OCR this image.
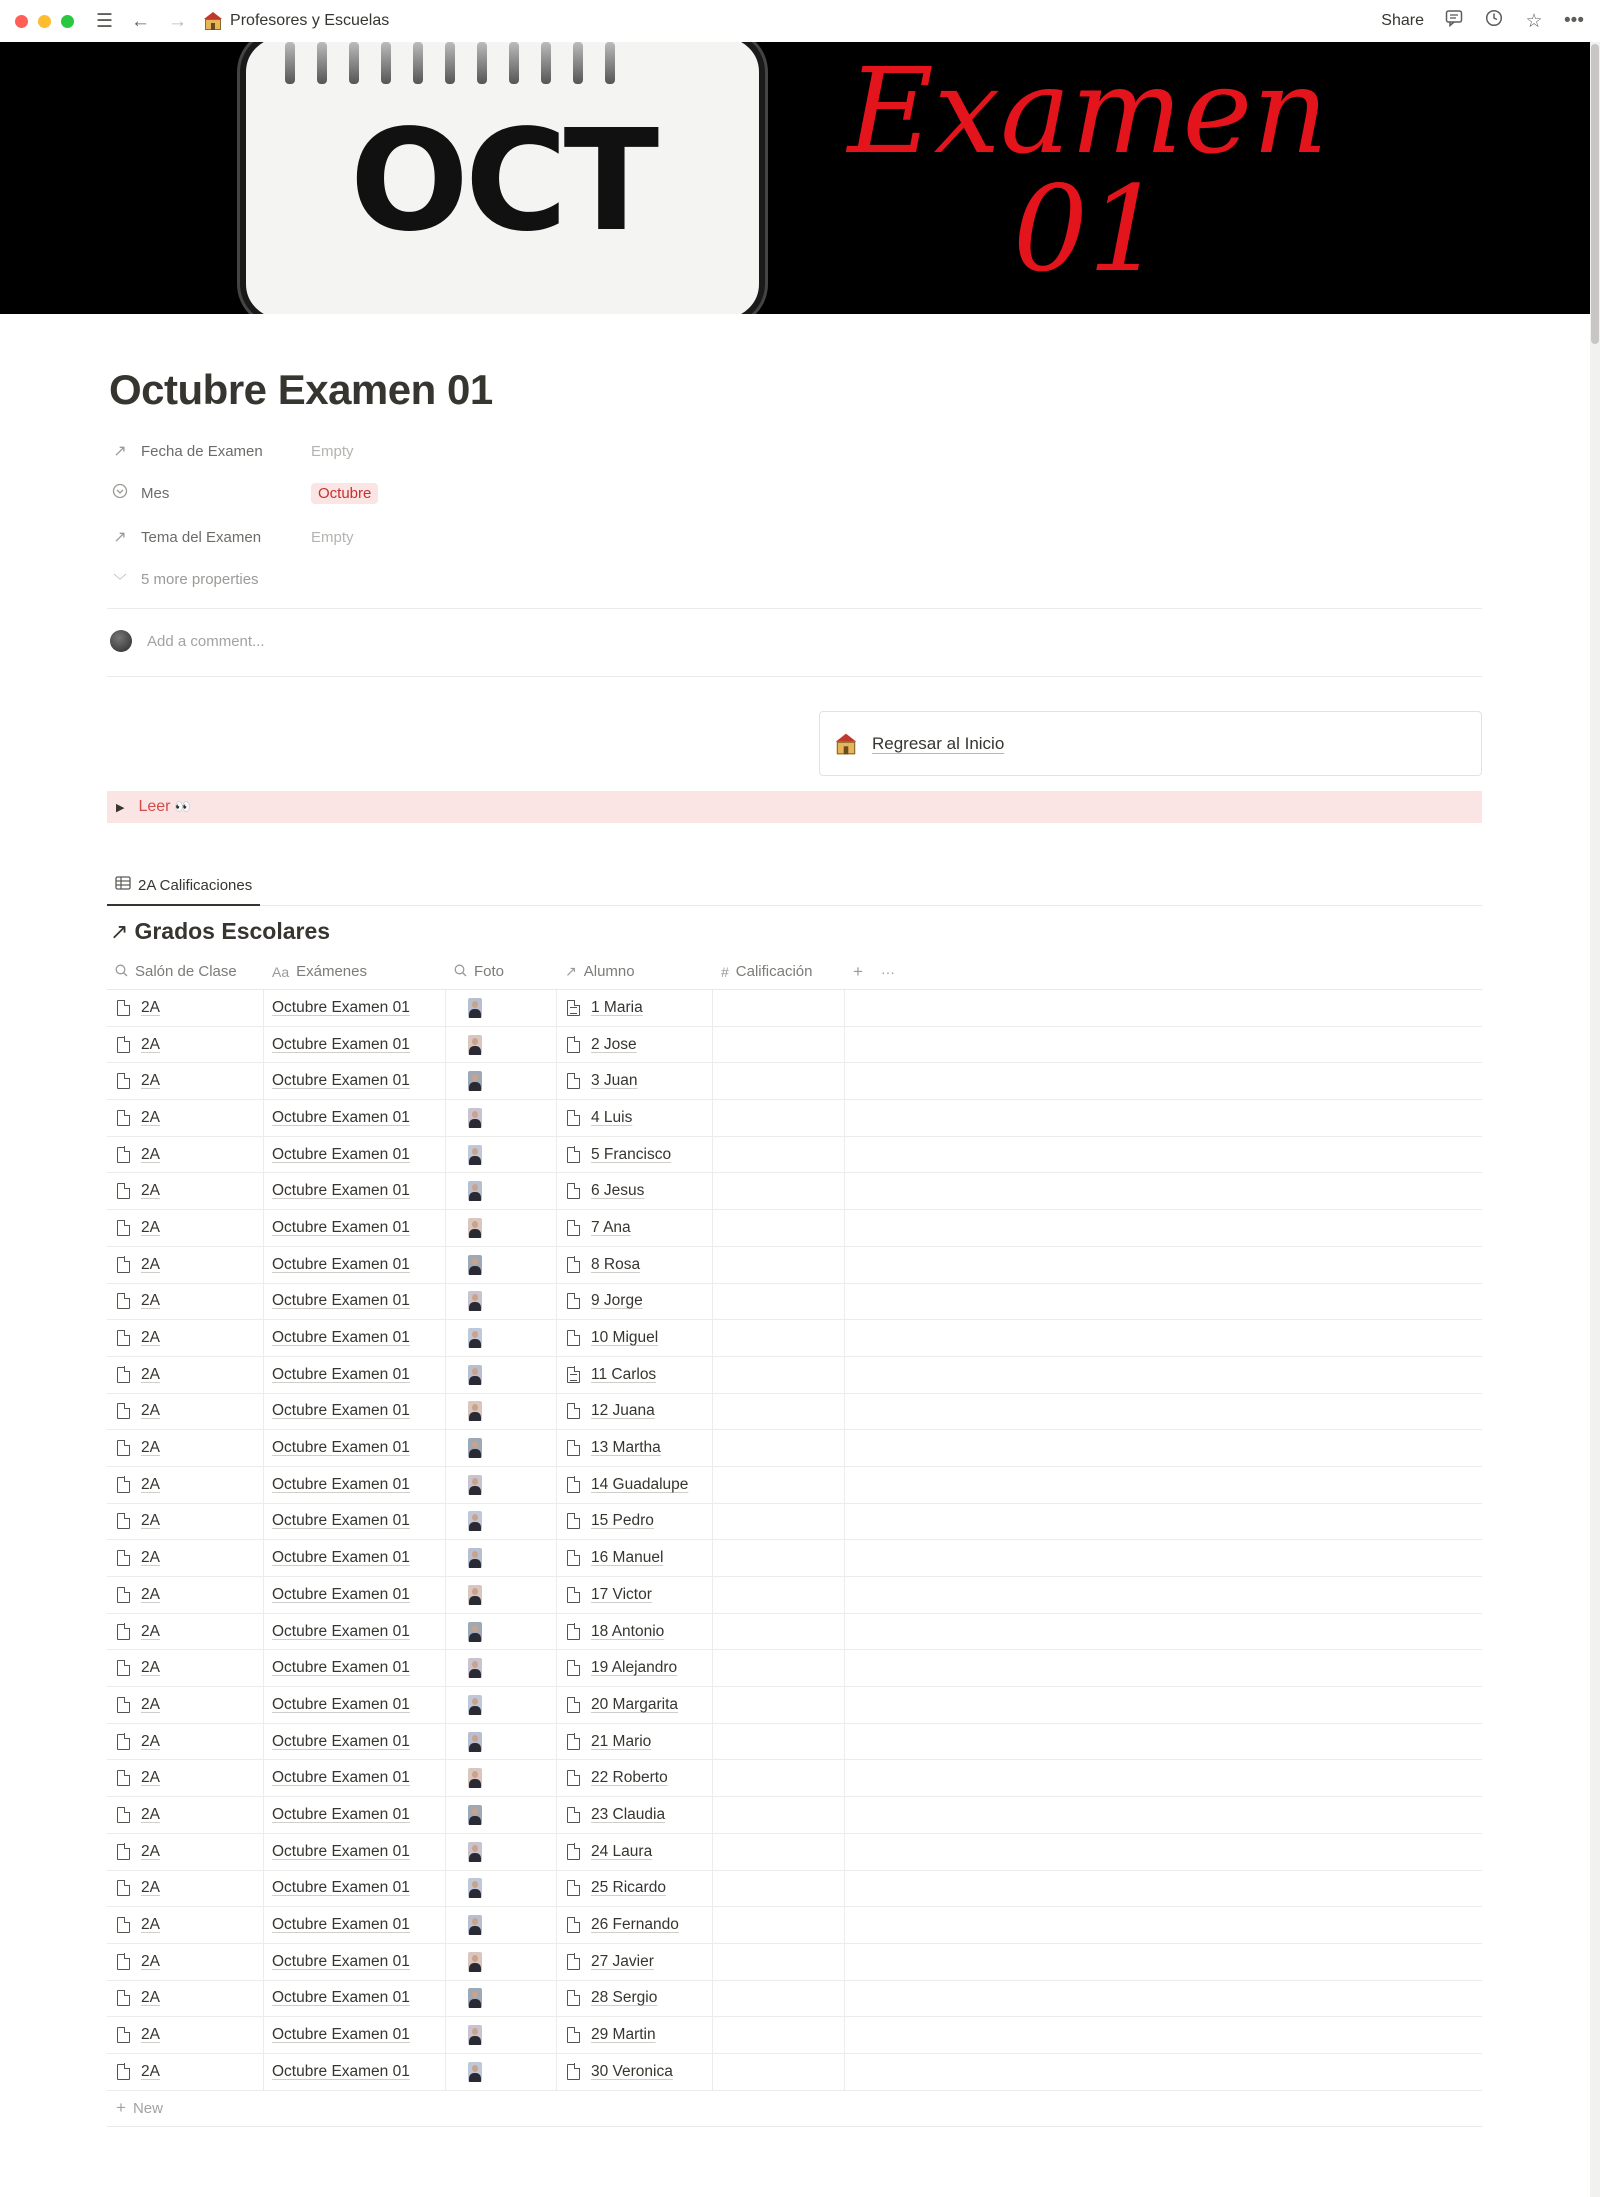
☰ ← →	Profesores y Escuelas	Share	☆ •••
OCT	Examen
01
Octubre Examen 01
↗ Fecha de Examen	Empty
Mes	Octubre
↗ Tema del Examen	Empty
﹀ 5 more properties
Add a comment...
Regresar al Inicio
▶ Leer 👀
2A Calificaciones
↗ Grados Escolares
Salón de Clase	Aa Exámenes	Foto	↗ Alumno	# Calificación + ···
2A	Octubre Examen 01	1 Maria
2A	Octubre Examen 01	2 Jose
2A	Octubre Examen 01	3 Juan
2A	Octubre Examen 01	4 Luis
2A	Octubre Examen 01	5 Francisco
2A	Octubre Examen 01	6 Jesus
2A	Octubre Examen 01	7 Ana
2A	Octubre Examen 01	8 Rosa
2A	Octubre Examen 01	9 Jorge
2A	Octubre Examen 01	10 Miguel
2A	Octubre Examen 01	11 Carlos
2A	Octubre Examen 01	12 Juana
2A	Octubre Examen 01	13 Martha
2A	Octubre Examen 01	14 Guadalupe
2A	Octubre Examen 01	15 Pedro
2A	Octubre Examen 01	16 Manuel
2A	Octubre Examen 01	17 Victor
2A	Octubre Examen 01	18 Antonio
2A	Octubre Examen 01	19 Alejandro
2A	Octubre Examen 01	20 Margarita
2A	Octubre Examen 01	21 Mario
2A	Octubre Examen 01	22 Roberto
2A	Octubre Examen 01	23 Claudia
2A	Octubre Examen 01	24 Laura
2A	Octubre Examen 01	25 Ricardo
2A	Octubre Examen 01	26 Fernando
2A	Octubre Examen 01	27 Javier
2A	Octubre Examen 01	28 Sergio
2A	Octubre Examen 01	29 Martin
2A	Octubre Examen 01	30 Veronica
+ New
